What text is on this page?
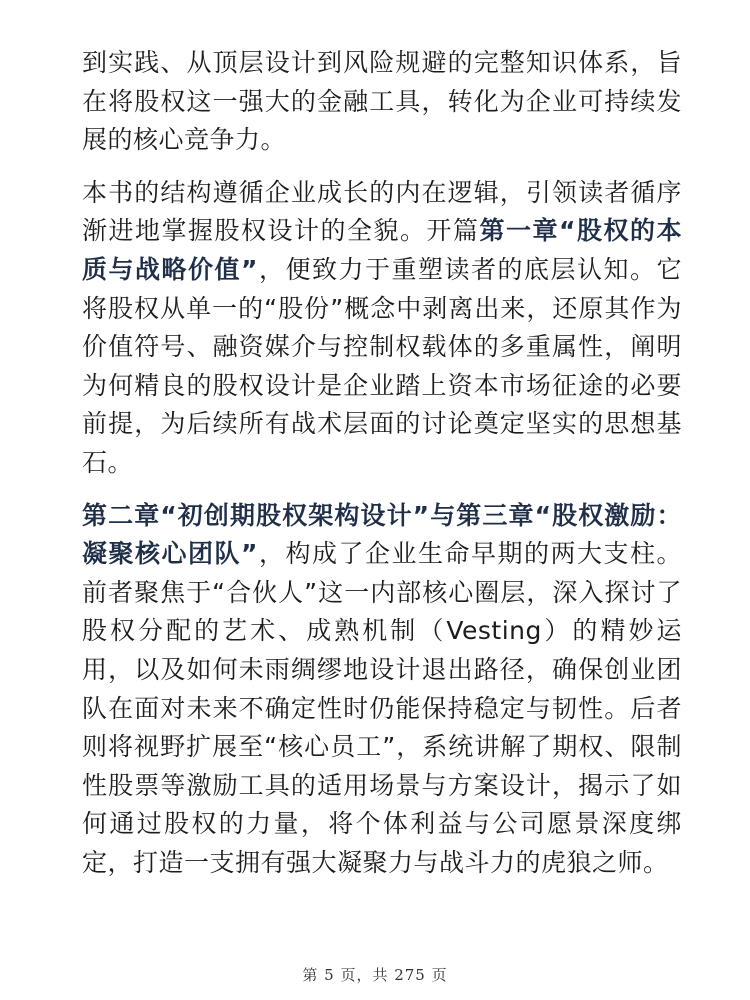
到实践、从顶层设计到风险规避的完整知识体系，旨在将股权这一强大的金融工具，转化为企业可持续发展的核心竞争力。

本书的结构遵循企业成长的内在逻辑，引领读者循序渐进地掌握股权设计的全貌。开篇第一章“股权的本质与战略价值”，便致力于重塑读者的底层认知。它将股权从单一的“股份”概念中剥离出来，还原其作为价值符号、融资媒介与控制权载体的多重属性，阐明为何精良的股权设计是企业踏上资本市场征途的必要前提，为后续所有战术层面的讨论奠定坚实的思想基石。

第二章“初创期股权架构设计”与第三章“股权激励：凝聚核心团队”，构成了企业生命早期的两大支柱。前者聚焦于“合伙人”这一内部核心圈层，深入探讨了股权分配的艺术、成熟机制（Vesting）的精妙运用，以及如何未雨绸缪地设计退出路径，确保创业团队在面对未来不确定性时仍能保持稳定与韧性。后者则将视野扩展至“核心员工”，系统讲解了期权、限制性股票等激励工具的适用场景与方案设计，揭示了如何通过股权的力量，将个体利益与公司愿景深度绑定，打造一支拥有强大凝聚力与战斗力的虎狼之师。

第 5 页，共 275 页
